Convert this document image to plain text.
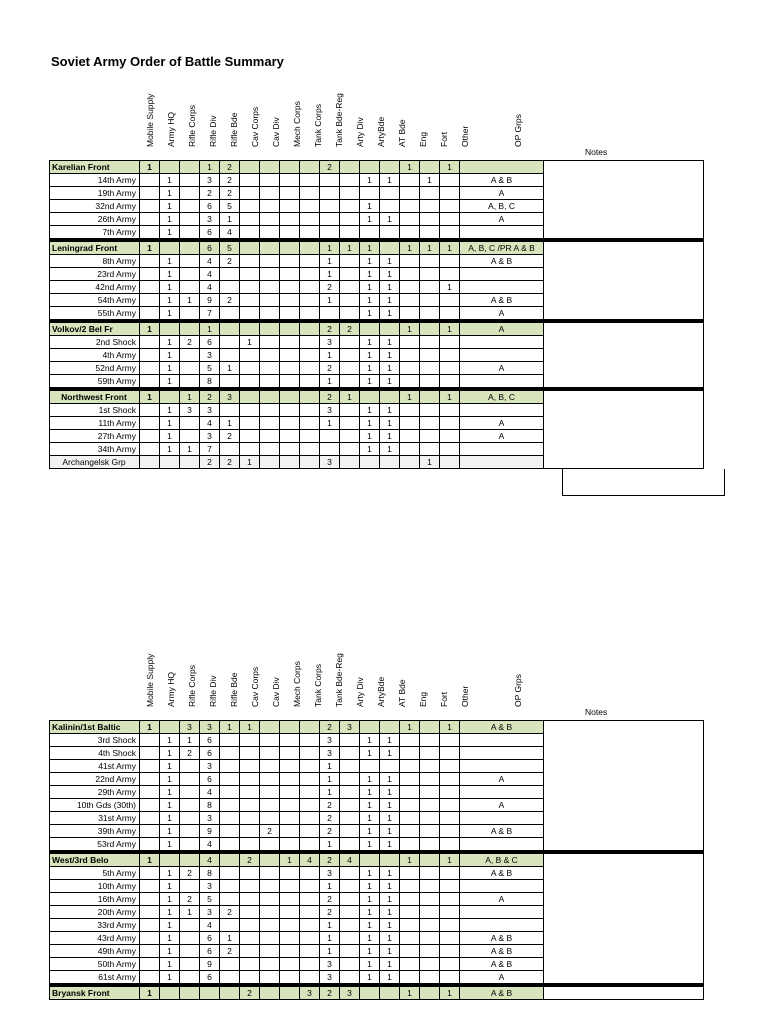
Soviet Army Order of Battle Summary
Mobile Supply Army HQ Rifle Corps Rifle Div Rifle Bde Cav Corps Cav Div Mech Corps Tank Corps Tank Bde-Reg Arty Div ArtyBde AT Bde Eng Fort Other	OP Grps
Notes
Karelian Front	1			1	2					2				1		1		
14th Army		1		3	2							1	1		1		A & B	
19th Army		1		2	2												A	
32nd Army		1		6	5							1					A, B, C	
26th Army		1		3	1							1	1				A	
7th Army		1		6	4													
Leningrad Front	1			6	5					1	1	1		1	1	1	A, B, C /PR A & B	
8th Army		1		4	2					1		1	1				A & B	
23rd Army		1		4						1		1	1					
42nd Army		1		4						2		1	1			1		
54th Army		1	1	9	2					1		1	1				A & B	
55th Army		1		7								1	1				A	
Volkov/2 Bel Fr	1			1						2	2			1		1	A	
2nd Shock		1	2	6		1				3		1	1					
4th Army		1		3						1		1	1					
52nd Army		1		5	1					2		1	1				A	
59th Army		1		8						1		1	1					
Northwest Front	1		1	2	3					2	1			1		1	A, B, C	
1st Shock		1	3	3						3		1	1					
11th Army		1		4	1					1		1	1				A	
27th Army		1		3	2							1	1				A	
34th Army		1	1	7								1	1					
Archangelsk Grp				2	2	1				3					1			
Mobile Supply Army HQ Rifle Corps Rifle Div Rifle Bde Cav Corps Cav Div Mech Corps Tank Corps Tank Bde-Reg Arty Div ArtyBde AT Bde Eng Fort Other	OP Grps
Notes
Kalinin/1st Baltic	1		3	3	1	1				2	3			1		1	A & B	
3rd Shock		1	1	6						3		1	1					
4th Shock		1	2	6						3		1	1					
41st Army		1		3						1								
22nd Army		1		6						1		1	1				A	
29th Army		1		4						1		1	1					
10th Gds (30th)		1		8						2		1	1				A	
31st Army		1		3						2		1	1					
39th Army		1		9			2			2		1	1				A & B	
53rd Army		1		4						1		1	1					
West/3rd Belo	1			4		2		1	4	2	4			1		1	A, B & C	
5th Army		1	2	8						3		1	1				A & B	
10th Army		1		3						1		1	1					
16th Army		1	2	5						2		1	1				A	
20th Army		1	1	3	2					2		1	1					
33rd Army		1		4						1		1	1					
43rd Army		1		6	1					1		1	1				A & B	
49th Army		1		6	2					1		1	1				A & B	
50th Army		1		9						3		1	1				A & B	
61st Army		1		6						3		1	1				A	
Bryansk Front	1					2			3	2	3			1		1	A & B	
